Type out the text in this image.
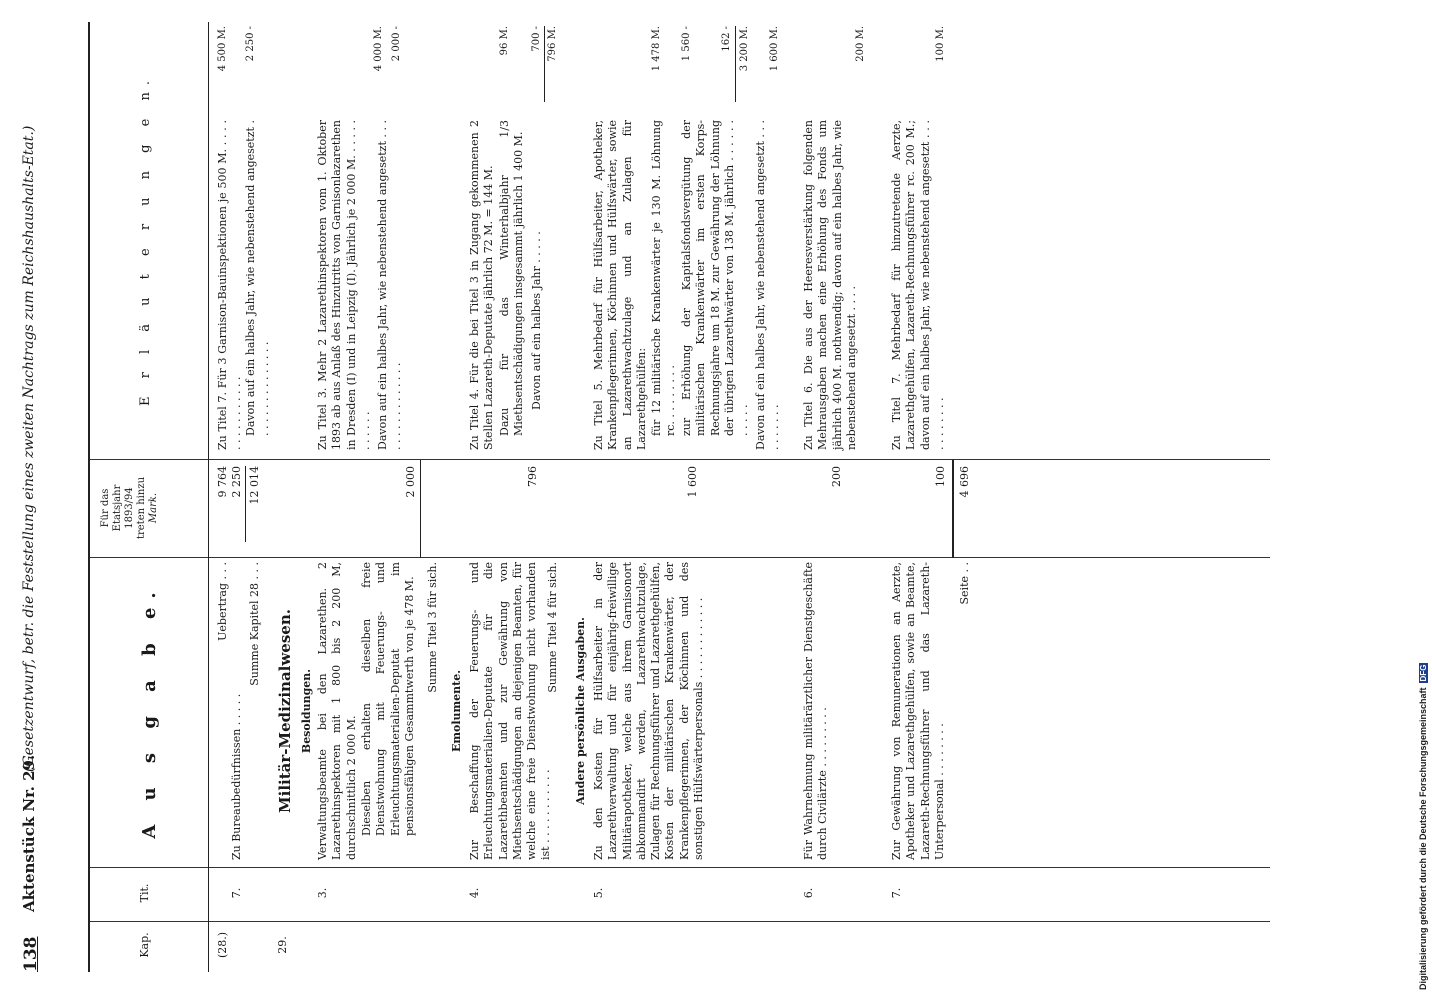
138
Aktenstück Nr. 29.
(Gesetzentwurf, betr. die Feststellung eines zweiten Nachtrags zum Reichshaushalts-Etat.)
Kap.
Tit.
A u s g a b e.
Für das Etatsjahr 1893/94 treten hinzu Mark.
E r l ä u t e r u n g e n.
(28.)
7.
Uebertrag . . .
Zu Bureaubedürfnissen . . . . .
9 764 2 250
Summe Kapitel 28 . . .
12 014
Zu Titel 7. Für 3 Garnison-Bauinspektionen je 500 M. . . . . . . . . . . . . . . . Davon auf ein halbes Jahr, wie nebenstehend angesetzt . . . . . . . . . . . . . . .
4 500 M. 2 250 -
29.
Militär-Medizinalwesen. Besoldungen.
3.
Verwaltungsbeamte bei den Lazarethen. 2 Lazarethinspektoren mit 1 800 bis 2 200 M, durchschnittlich 2 000 M. Dieselben erhalten dieselben freie Dienstwohnung mit Feuerungs- und Erleuchtungsmaterialien-Deputat im pensionsfähigen Gesammtwerth von je 478 M.
2 000
Summe Titel 3 für sich.
Zu Titel 3. Mehr 2 Lazarethinspektoren vom 1. Oktober 1893 ab aus Anlaß des Hinzutritts von Garnisonlazarethen in Dresden (I) und in Leipzig (I). Jährlich je 2 000 M. . . . . . . . . . . . Davon auf ein halbes Jahr, wie nebenstehend angesetzt . . . . . . . . . . . . . . . .
4 000 M. 2 000 -
Emolumente.
4.
Zur Beschaffung der Feuerungs- und Erleuchtungsmaterialien-Deputate für die Lazarethbeamten und zur Gewährung von Miethsentschädigungen an diejenigen Beamten, für welche eine freie Dienstwohnung nicht vorhanden ist . . . . . . . . . . .
796
Summe Titel 4 für sich.
Zu Titel 4. Für die bei Titel 3 in Zugang gekommenen 2 Stellen Lazareth-Deputate jährlich 72 M. = 144 M. Dazu für das Winterhalbjahr 1/3 Miethsentschädigungen insgesammt jährlich 1 400 M. Davon auf ein halbes Jahr . . . . .
96 M. 700 - 796 M.
Andere persönliche Ausgaben.
5.
Zu den Kosten für Hülfsarbeiter in der Lazarethverwaltung und für einjährig-freiwillige Militärapotheker, welche aus ihrem Garnisonort abkommandirt werden, Lazarethwachtzulage, Zulagen für Rechnungsführer und Lazarethgehülfen, Kosten der militärischen Krankenwärter, der Krankenpflegerinnen, der Köchinnen und des sonstigen Hülfswärterpersonals . . . . . . . . . . . .
1 600
Zu Titel 5. Mehrbedarf für Hülfsarbeiter, Apotheker, Krankenpflegerinnen, Köchinnen und Hülfswärter, sowie an Lazarethwachtzulage und an Zulagen für Lazarethgehülfen: für 12 militärische Krankenwärter je 130 M. Löhnung rc. . . . . . . . . zur Erhöhung der Kapitalsfondsvergütung der militärischen Krankenwärter im ersten Korps-Rechnungsjahre um 18 M. zur Gewährung der Löhnung der übrigen Lazarethwärter von 138 M. jährlich . . . . . . . . . . . Davon auf ein halbes Jahr, wie nebenstehend angesetzt . . . . . . . . . .
1 478 M. 1 560 -	162 - 3 200 M. 1 600 M.
6.
Für Wahrnehmung militärärztlicher Dienstgeschäfte durch Civilärzte . . . . . . . . .
200
Zu Titel 6. Die aus der Heeresverstärkung folgenden Mehrausgaben machen eine Erhöhung des Fonds um jährlich 400 M. nothwendig; davon auf ein halbes Jahr, wie nebenstehend angesetzt . . . .
200 M.
7.
Zur Gewährung von Remunerationen an Aerzte, Apotheker und Lazarethgehülfen, sowie an Beamte, Lazareth-Rechnungsführer und das Lazareth-Unterpersonal . . . . . . . .
100
Zu Titel 7. Mehrbedarf für hinzutretende Aerzte, Lazarethgehülfen, Lazareth-Rechnungsführer rc. 200 M.; davon auf ein halbes Jahr, wie nebenstehend angesetzt . . . . . . . . . . .
100 M.
Seite . .
4 696
Digitalisierung gefördert durch die Deutsche ForschungsgemeinschaftDFG
